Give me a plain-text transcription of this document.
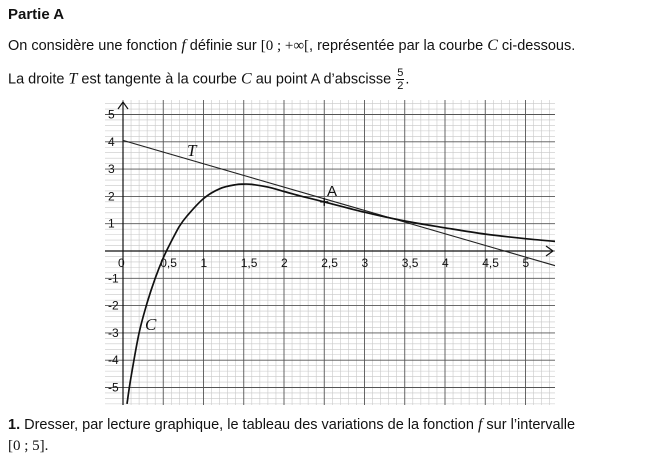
Partie A
On considère une fonction f définie sur [0 ; +∞[, représentée par la courbe C ci-dessous.
La droite T est tangente à la courbe C au point A d’abscisse $\frac{5}{2}$ .
0	0,5 1	1,5 2	2,5 3	3,5 4	4,5 5
5
4
3
2
1
-1
-2
-3
-4
-5
T
C
A
1. Dresser, par lecture graphique, le tableau des variations de la fonction f sur l’intervalle
[0 ; 5].
